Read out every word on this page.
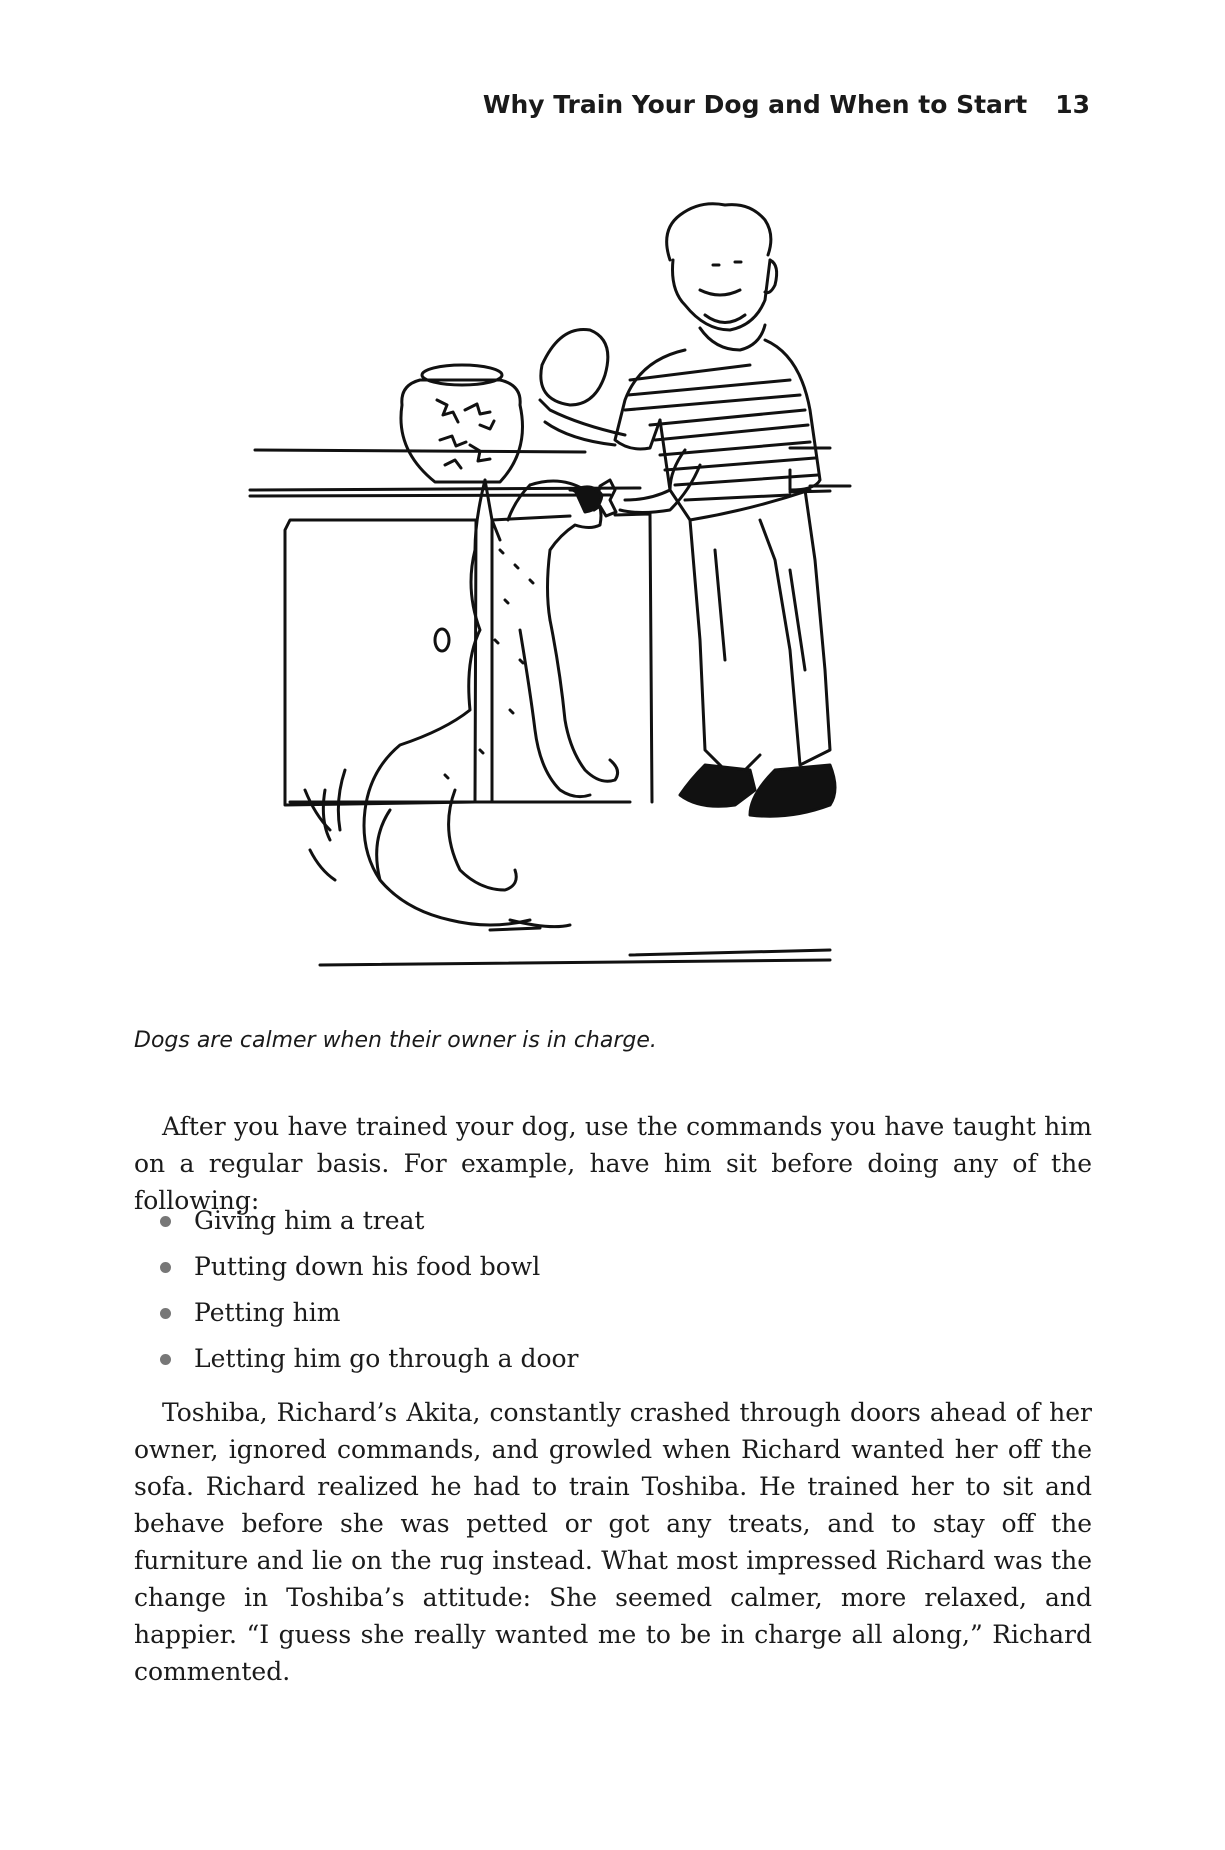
Why Train Your Dog and When to Start 13
Dogs are calmer when their owner is in charge.

After you have trained your dog, use the commands you have taught him on a regular basis. For example, have him sit before doing any of the following:

Giving him a treat
Putting down his food bowl
Petting him
Letting him go through a door

Toshiba, Richard’s Akita, constantly crashed through doors ahead of her owner, ignored commands, and growled when Richard wanted her off the sofa. Richard realized he had to train Toshiba. He trained her to sit and behave before she was petted or got any treats, and to stay off the furniture and lie on the rug instead. What most impressed Richard was the change in Toshiba’s attitude: She seemed calmer, more relaxed, and happier. “I guess she really wanted me to be in charge all along,” Richard commented.
